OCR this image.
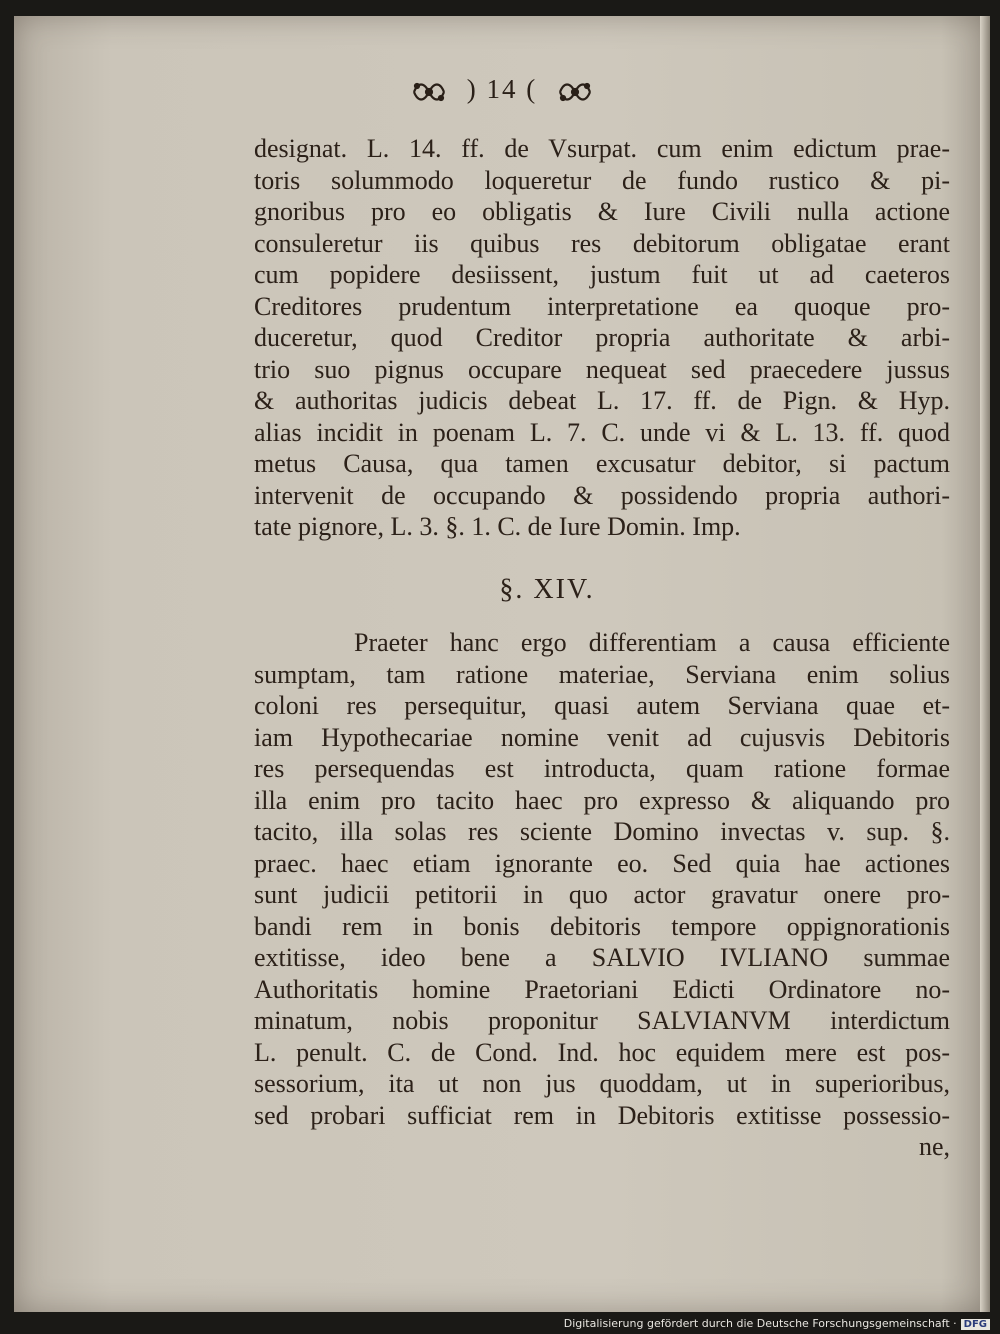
) 14 (
designat. L. 14. ff. de Vsurpat. cum enim edictum prae-
toris solummodo loqueretur de fundo rustico & pi-
gnoribus pro eo obligatis & Iure Civili nulla actione
consuleretur iis quibus res debitorum obligatae erant
cum popidere desiissent, justum fuit ut ad caeteros
Creditores prudentum interpretatione ea quoque pro-
duceretur, quod Creditor propria authoritate & arbi-
trio suo pignus occupare nequeat sed praecedere jussus
& authoritas judicis debeat L. 17. ff. de Pign. & Hyp.
alias incidit in poenam L. 7. C. unde vi & L. 13. ff. quod
metus Causa, qua tamen excusatur debitor, si pactum
intervenit de occupando & possidendo propria authori-
tate pignore, L. 3. §. 1. C. de Iure Domin. Imp.
§. XIV.
Praeter hanc ergo differentiam a causa efficiente
sumptam, tam ratione materiae, Serviana enim solius
coloni res persequitur, quasi autem Serviana quae et-
iam Hypothecariae nomine venit ad cujusvis Debitoris
res persequendas est introducta, quam ratione formae
illa enim pro tacito haec pro expresso & aliquando pro
tacito, illa solas res sciente Domino invectas v. sup. §.
praec. haec etiam ignorante eo. Sed quia hae actiones
sunt judicii petitorii in quo actor gravatur onere pro-
bandi rem in bonis debitoris tempore oppignorationis
extitisse, ideo bene a SALVIO IVLIANO summae
Authoritatis homine Praetoriani Edicti Ordinatore no-
minatum, nobis proponitur SALVIANVM interdictum
L. penult. C. de Cond. Ind. hoc equidem mere est pos-
sessorium, ita ut non jus quoddam, ut in superioribus,
sed probari sufficiat rem in Debitoris extitisse possessio-
ne,
Digitalisierung gefördert durch die Deutsche Forschungsgemeinschaft · DFG
